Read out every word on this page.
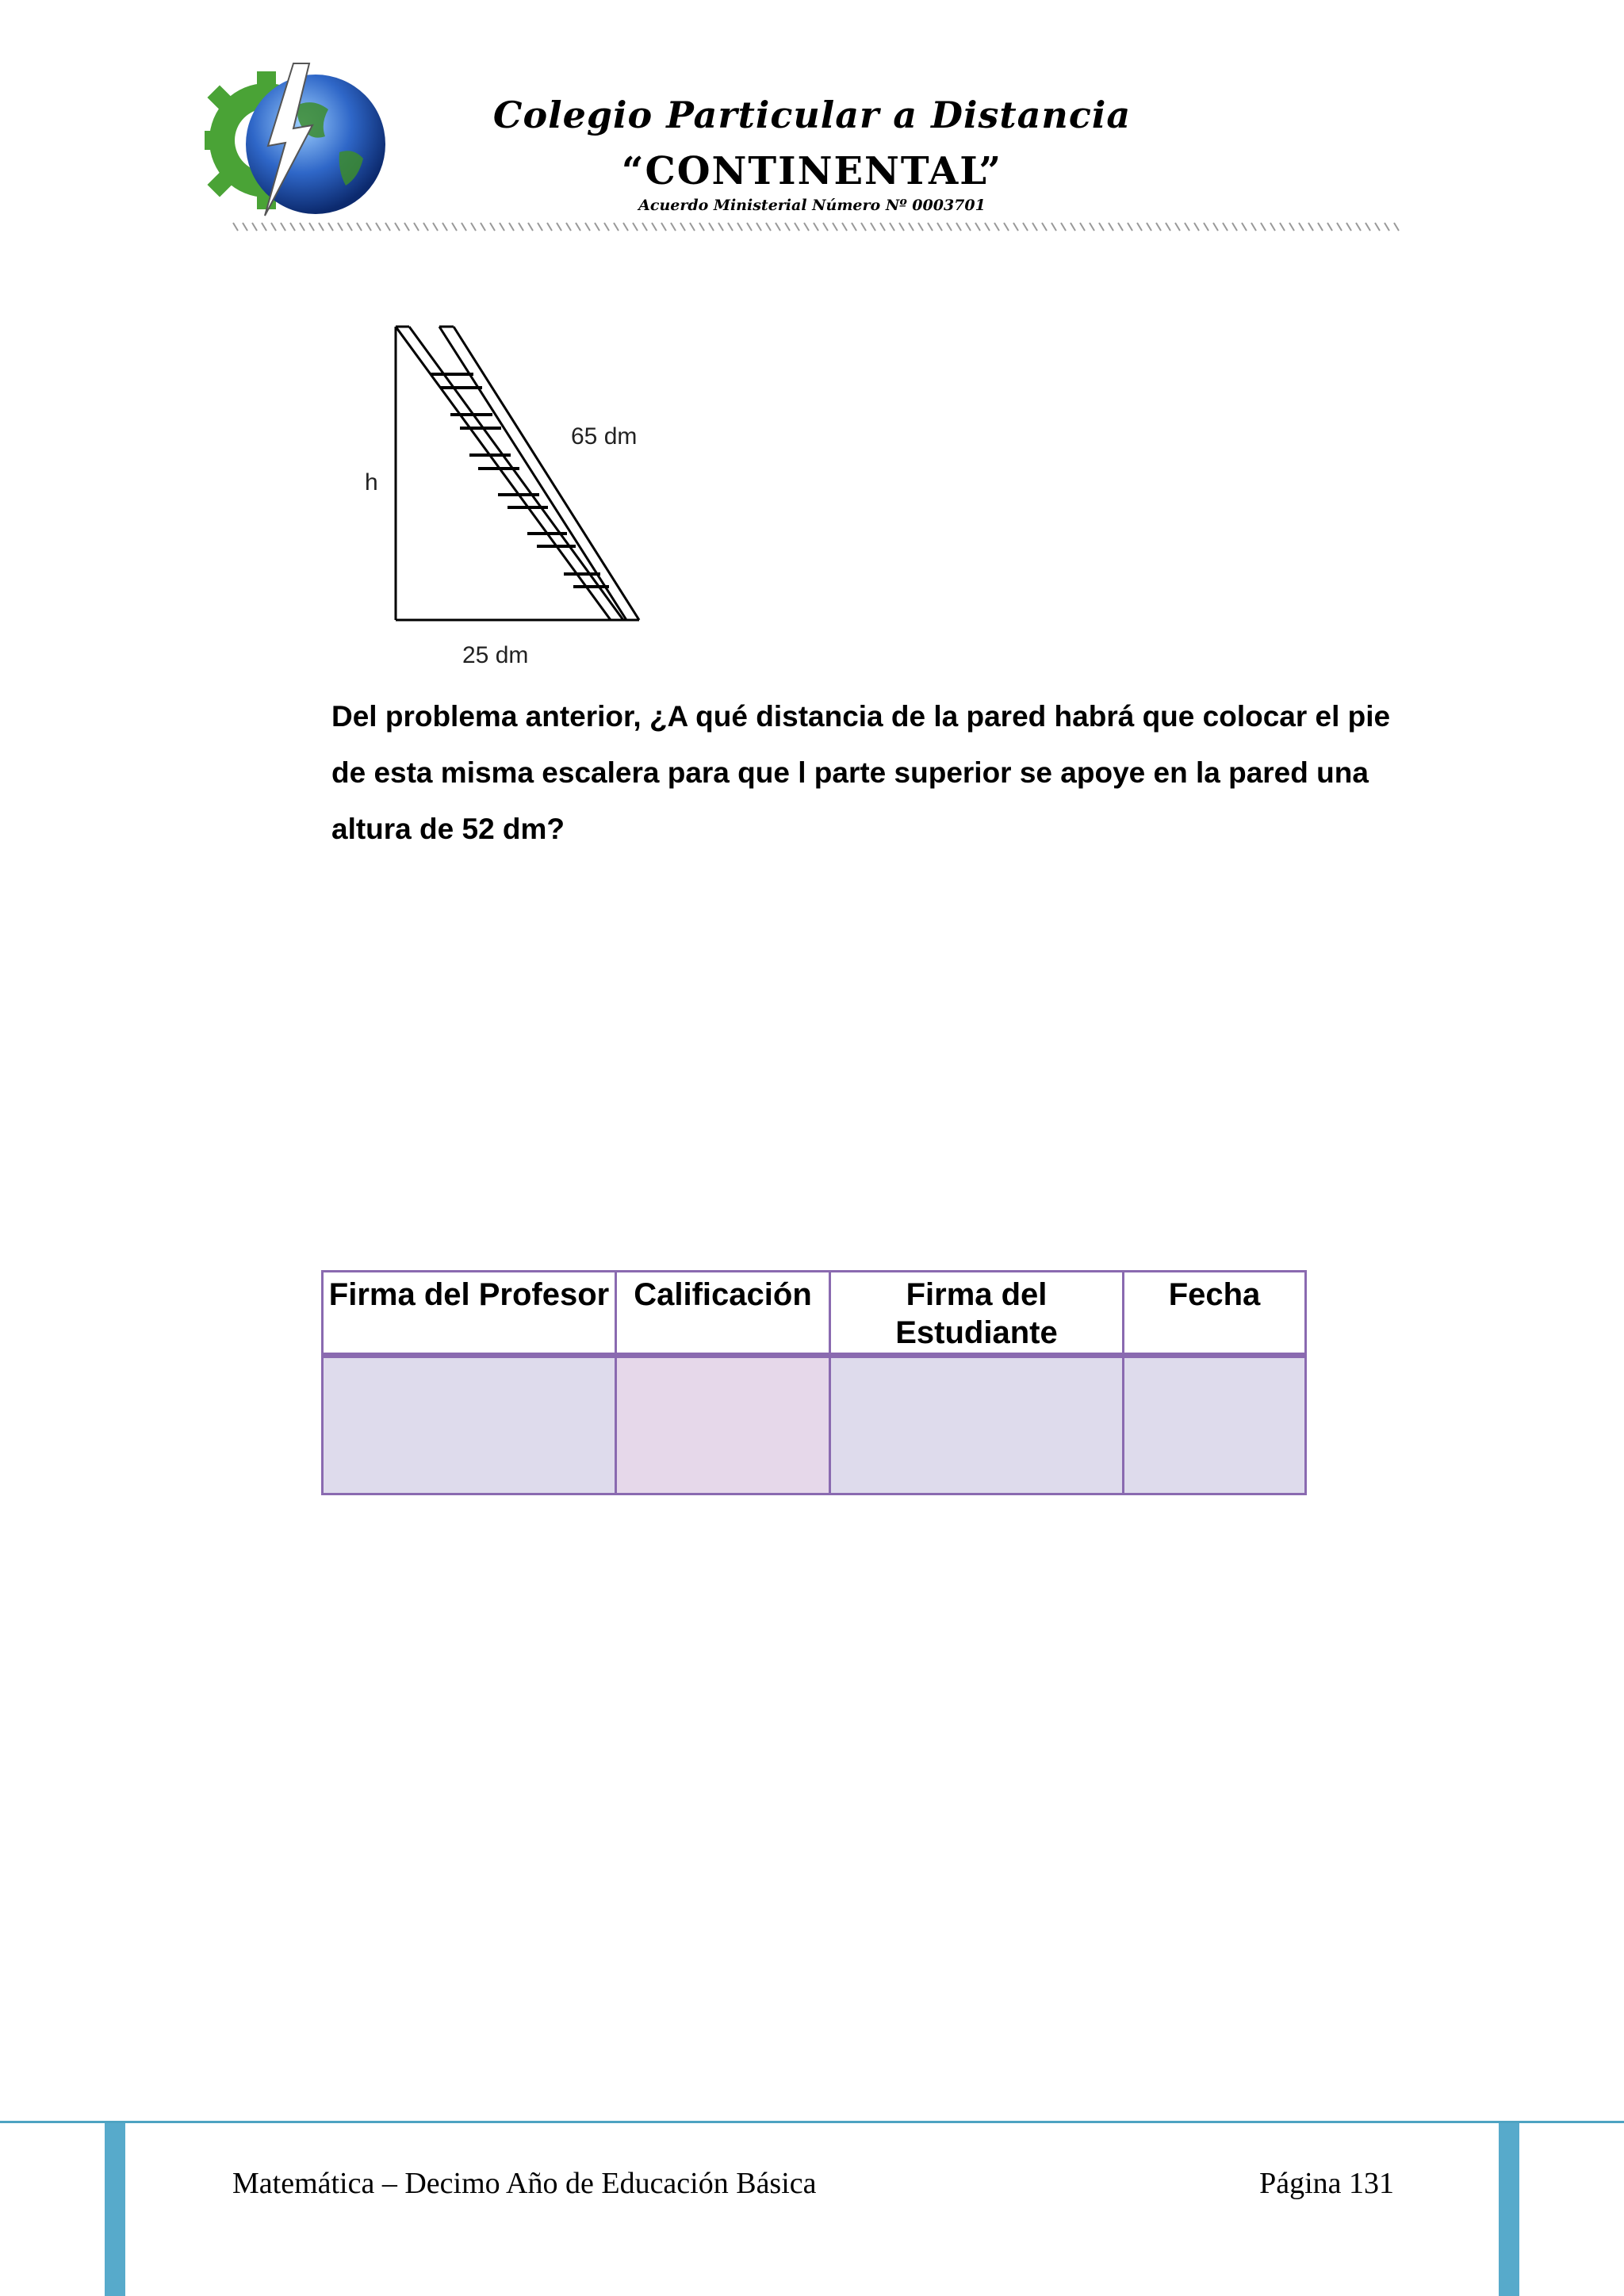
Colegio Particular a Distancia
“CONTINENTAL”
Acuerdo Ministerial Número Nº 0003701
h
65 dm
25 dm

Del problema anterior, ¿A qué distancia de la pared habrá que colocar el pie de esta misma escalera para que l parte superior se apoye en la pared una altura de 52 dm?

Firma del Profesor	Calificación	Firma del Estudiante	Fecha

Matemática – Decimo Año de Educación Básica	Página 131
